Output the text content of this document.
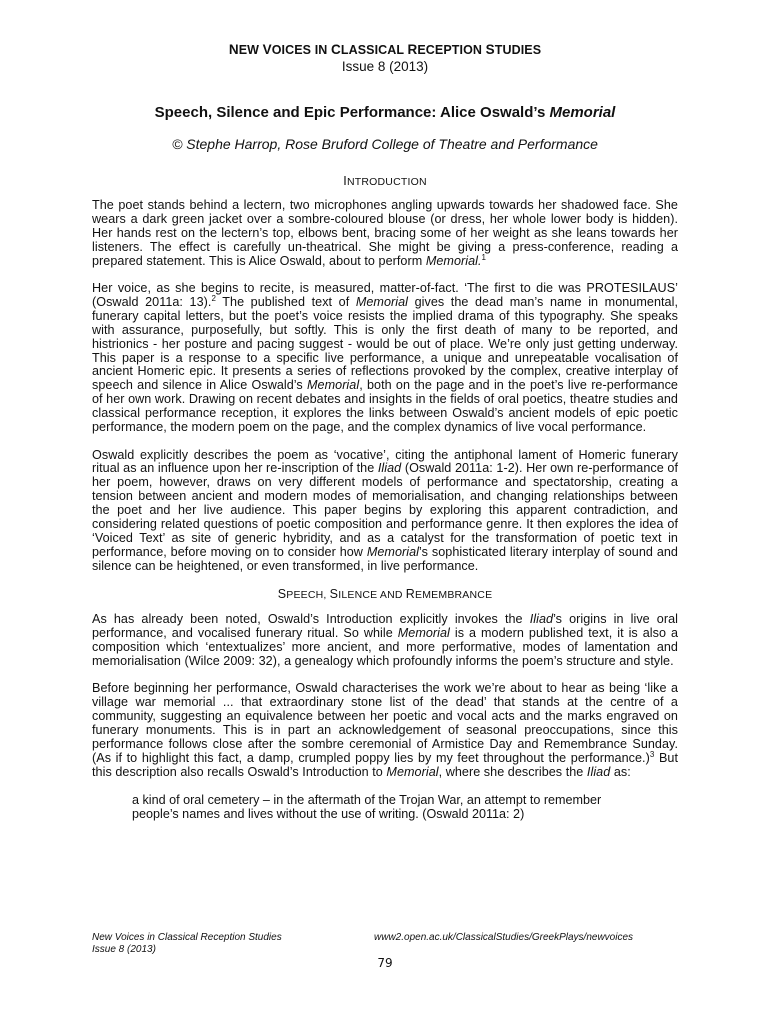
NEW VOICES IN CLASSICAL RECEPTION STUDIES

Issue 8 (2013)

Speech, Silence and Epic Performance: Alice Oswald’s Memorial

© Stephe Harrop, Rose Bruford College of Theatre and Performance

INTRODUCTION

The poet stands behind a lectern, two microphones angling upwards towards her shadowed face. She wears a dark green jacket over a sombre-coloured blouse (or dress, her whole lower body is hidden). Her hands rest on the lectern’s top, elbows bent, bracing some of her weight as she leans towards her listeners. The effect is carefully un-theatrical. She might be giving a press-conference, reading a prepared statement. This is Alice Oswald, about to perform Memorial.$^1$

Her voice, as she begins to recite, is measured, matter-of-fact. ‘The first to die was PROTESILAUS’ (Oswald 2011a: 13).$^2$ The published text of Memorial gives the dead man’s name in monumental, funerary capital letters, but the poet’s voice resists the implied drama of this typography. She speaks with assurance, purposefully, but softly. This is only the first death of many to be reported, and histrionics - her posture and pacing suggest - would be out of place. We’re only just getting underway. This paper is a response to a specific live performance, a unique and unrepeatable vocalisation of ancient Homeric epic. It presents a series of reflections provoked by the complex, creative interplay of speech and silence in Alice Oswald’s Memorial, both on the page and in the poet’s live re-performance of her own work. Drawing on recent debates and insights in the fields of oral poetics, theatre studies and classical performance reception, it explores the links between Oswald’s ancient models of epic poetic performance, the modern poem on the page, and the complex dynamics of live vocal performance.

Oswald explicitly describes the poem as ‘vocative’, citing the antiphonal lament of Homeric funerary ritual as an influence upon her re-inscription of the Iliad (Oswald 2011a: 1-2). Her own re-performance of her poem, however, draws on very different models of performance and spectatorship, creating a tension between ancient and modern modes of memorialisation, and changing relationships between the poet and her live audience. This paper begins by exploring this apparent contradiction, and considering related questions of poetic composition and performance genre. It then explores the idea of ‘Voiced Text’ as site of generic hybridity, and as a catalyst for the transformation of poetic text in performance, before moving on to consider how Memorial’s sophisticated literary interplay of sound and silence can be heightened, or even transformed, in live performance.

SPEECH, SILENCE AND REMEMBRANCE

As has already been noted, Oswald’s Introduction explicitly invokes the Iliad’s origins in live oral performance, and vocalised funerary ritual. So while Memorial is a modern published text, it is also a composition which ‘entextualizes’ more ancient, and more performative, modes of lamentation and memorialisation (Wilce 2009: 32), a genealogy which profoundly informs the poem’s structure and style.

Before beginning her performance, Oswald characterises the work we’re about to hear as being ‘like a village war memorial ... that extraordinary stone list of the dead’ that stands at the centre of a community, suggesting an equivalence between her poetic and vocal acts and the marks engraved on funerary monuments. This is in part an acknowledgement of seasonal preoccupations, since this performance follows close after the sombre ceremonial of Armistice Day and Remembrance Sunday. (As if to highlight this fact, a damp, crumpled poppy lies by my feet throughout the performance.)$^3$ But this description also recalls Oswald’s Introduction to Memorial, where she describes the Iliad as:

a kind of oral cemetery – in the aftermath of the Trojan War, an attempt to remember people’s names and lives without the use of writing. (Oswald 2011a: 2)

New Voices in Classical Reception Studies
Issue 8 (2013)
www2.open.ac.uk/ClassicalStudies/GreekPlays/newvoices
79
